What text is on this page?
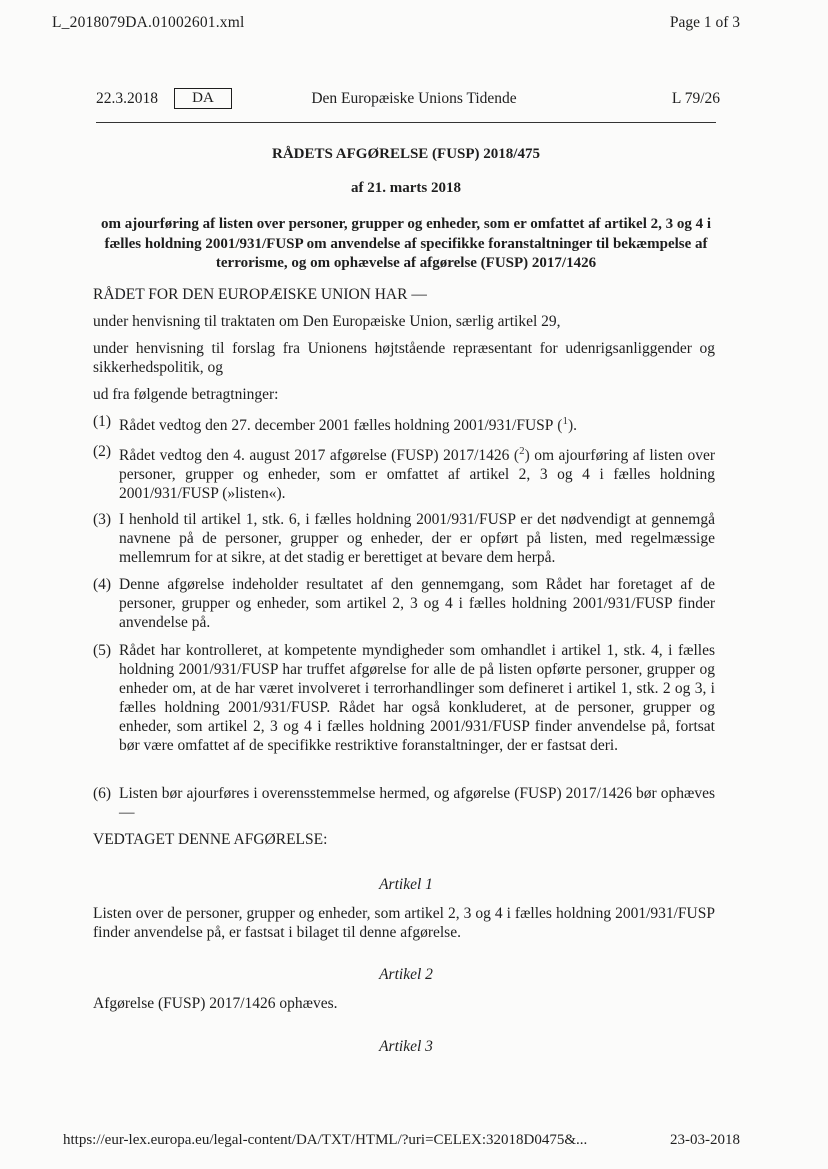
L_2018079DA.01002601.xml	Page 1 of 3
22.3.2018	DA	Den Europæiske Unions Tidende	L 79/26
RÅDETS AFGØRELSE (FUSP) 2018/475
af 21. marts 2018
om ajourføring af listen over personer, grupper og enheder, som er omfattet af artikel 2, 3 og 4 i fælles holdning 2001/931/FUSP om anvendelse af specifikke foranstaltninger til bekæmpelse af terrorisme, og om ophævelse af afgørelse (FUSP) 2017/1426
RÅDET FOR DEN EUROPÆISKE UNION HAR —
under henvisning til traktaten om Den Europæiske Union, særlig artikel 29,
under henvisning til forslag fra Unionens højtstående repræsentant for udenrigsanliggender og sikkerhedspolitik, og
ud fra følgende betragtninger:
(1) Rådet vedtog den 27. december 2001 fælles holdning 2001/931/FUSP ($^1$).
(2) Rådet vedtog den 4. august 2017 afgørelse (FUSP) 2017/1426 ($^2$) om ajourføring af listen over personer, grupper og enheder, som er omfattet af artikel 2, 3 og 4 i fælles holdning 2001/931/FUSP (»listen«).
(3) I henhold til artikel 1, stk. 6, i fælles holdning 2001/931/FUSP er det nødvendigt at gennemgå navnene på de personer, grupper og enheder, der er opført på listen, med regelmæssige mellemrum for at sikre, at det stadig er berettiget at bevare dem herpå.
(4) Denne afgørelse indeholder resultatet af den gennemgang, som Rådet har foretaget af de personer, grupper og enheder, som artikel 2, 3 og 4 i fælles holdning 2001/931/FUSP finder anvendelse på.
(5) Rådet har kontrolleret, at kompetente myndigheder som omhandlet i artikel 1, stk. 4, i fælles holdning 2001/931/FUSP har truffet afgørelse for alle de på listen opførte personer, grupper og enheder om, at de har været involveret i terrorhandlinger som defineret i artikel 1, stk. 2 og 3, i fælles holdning 2001/931/FUSP. Rådet har også konkluderet, at de personer, grupper og enheder, som artikel 2, 3 og 4 i fælles holdning 2001/931/FUSP finder anvendelse på, fortsat bør være omfattet af de specifikke restriktive foranstaltninger, der er fastsat deri.
(6) Listen bør ajourføres i overensstemmelse hermed, og afgørelse (FUSP) 2017/1426 bør ophæves —
VEDTAGET DENNE AFGØRELSE:
Artikel 1
Listen over de personer, grupper og enheder, som artikel 2, 3 og 4 i fælles holdning 2001/931/FUSP finder anvendelse på, er fastsat i bilaget til denne afgørelse.
Artikel 2
Afgørelse (FUSP) 2017/1426 ophæves.
Artikel 3
https://eur-lex.europa.eu/legal-content/DA/TXT/HTML/?uri=CELEX:32018D0475&...	23-03-2018
